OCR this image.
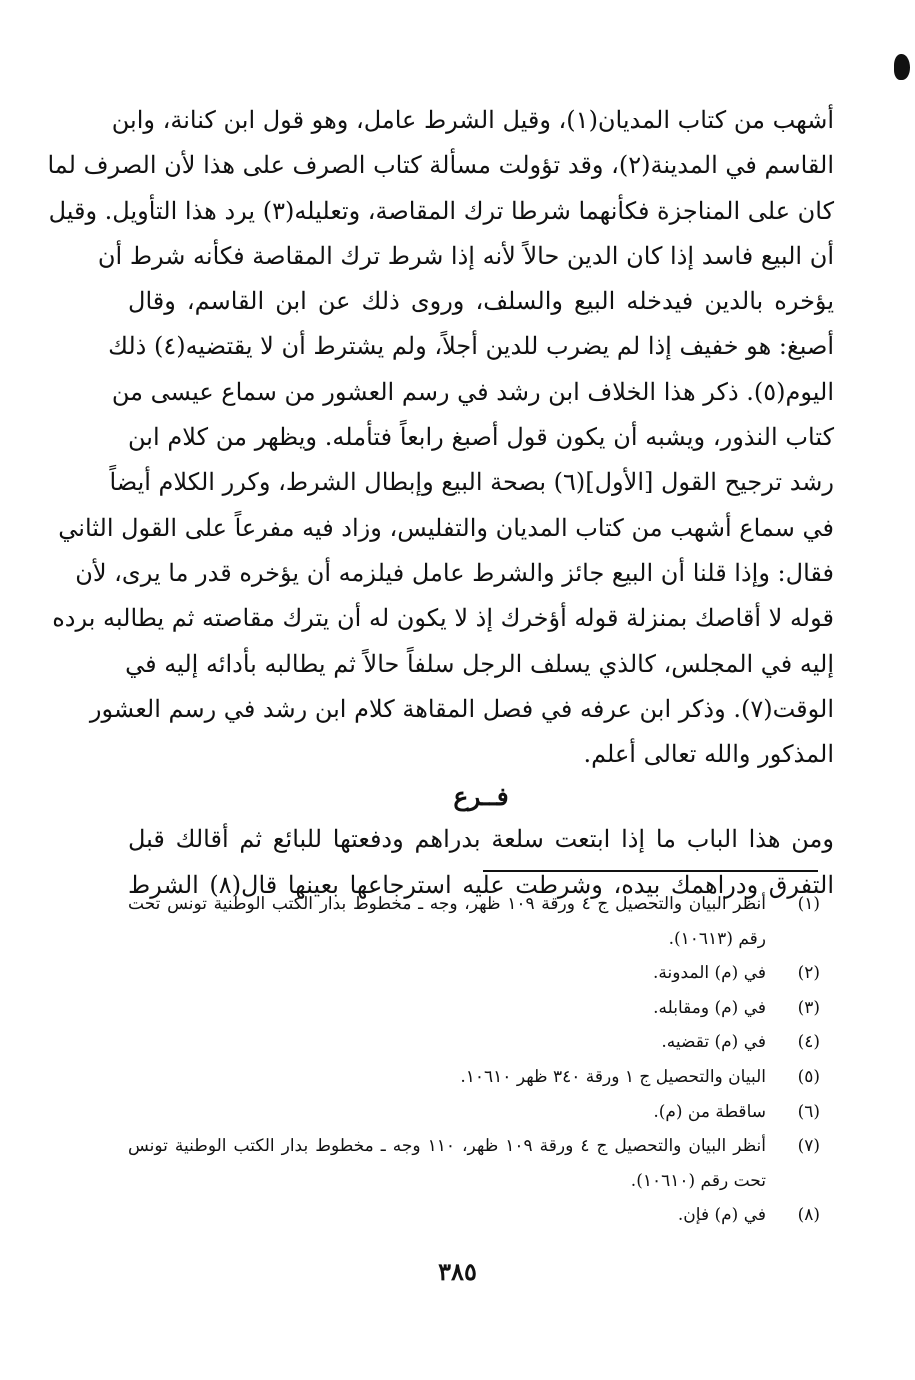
أشهب من كتاب المديان(١)، وقيل الشرط عامل، وهو قول ابن كنانة، وابن
القاسم في المدينة(٢)، وقد تؤولت مسألة كتاب الصرف على هذا لأن الصرف لما
كان على المناجزة فكأنهما شرطا ترك المقاصة، وتعليله(٣) يرد هذا التأويل. وقيل
أن البيع فاسد إذا كان الدين حالاً لأنه إذا شرط ترك المقاصة فكأنه شرط أن
يؤخره بالدين فيدخله البيع والسلف، وروى ذلك عن ابن القاسم، وقال
أصبغ: هو خفيف إذا لم يضرب للدين أجلاً، ولم يشترط أن لا يقتضيه(٤) ذلك
اليوم(٥). ذكر هذا الخلاف ابن رشد في رسم العشور من سماع عيسى من
كتاب النذور، ويشبه أن يكون قول أصبغ رابعاً فتأمله. ويظهر من كلام ابن
رشد ترجيح القول [الأول](٦) بصحة البيع وإبطال الشرط، وكرر الكلام أيضاً
في سماع أشهب من كتاب المديان والتفليس، وزاد فيه مفرعاً على القول الثاني
فقال: وإذا قلنا أن البيع جائز والشرط عامل فيلزمه أن يؤخره قدر ما يرى، لأن
قوله لا أقاصك بمنزلة قوله أؤخرك إذ لا يكون له أن يترك مقاصته ثم يطالبه برده
إليه في المجلس، كالذي يسلف الرجل سلفاً حالاً ثم يطالبه بأدائه إليه في
الوقت(٧). وذكر ابن عرفه في فصل المقاهة كلام ابن رشد في رسم العشور
المذكور والله تعالى أعلم.
فــرع
ومن هذا الباب ما إذا ابتعت سلعة بدراهم ودفعتها للبائع ثم أقالك قبل
التفرق ودراهمك بيده، وشرطت عليه استرجاعها بعينها قال(٨) الشرط
(١)
أنظر البيان والتحصيل ج ٤ ورقة ١٠٩ ظهر، وجه ـ مخطوط بدار الكتب الوطنية تونس تحت
رقم (١٠٦١٣).
(٢)
في (م) المدونة.
(٣)
في (م) ومقابله.
(٤)
في (م) تقضيه.
(٥)
البيان والتحصيل ج ١ ورقة ٣٤٠ ظهر ١٠٦١٠.
(٦)
ساقطة من (م).
(٧)
أنظر البيان والتحصيل ج ٤ ورقة ١٠٩ ظهر، ١١٠ وجه ـ مخطوط بدار الكتب الوطنية تونس
تحت رقم (١٠٦١٠).
(٨)
في (م) فإن.
٣٨٥
